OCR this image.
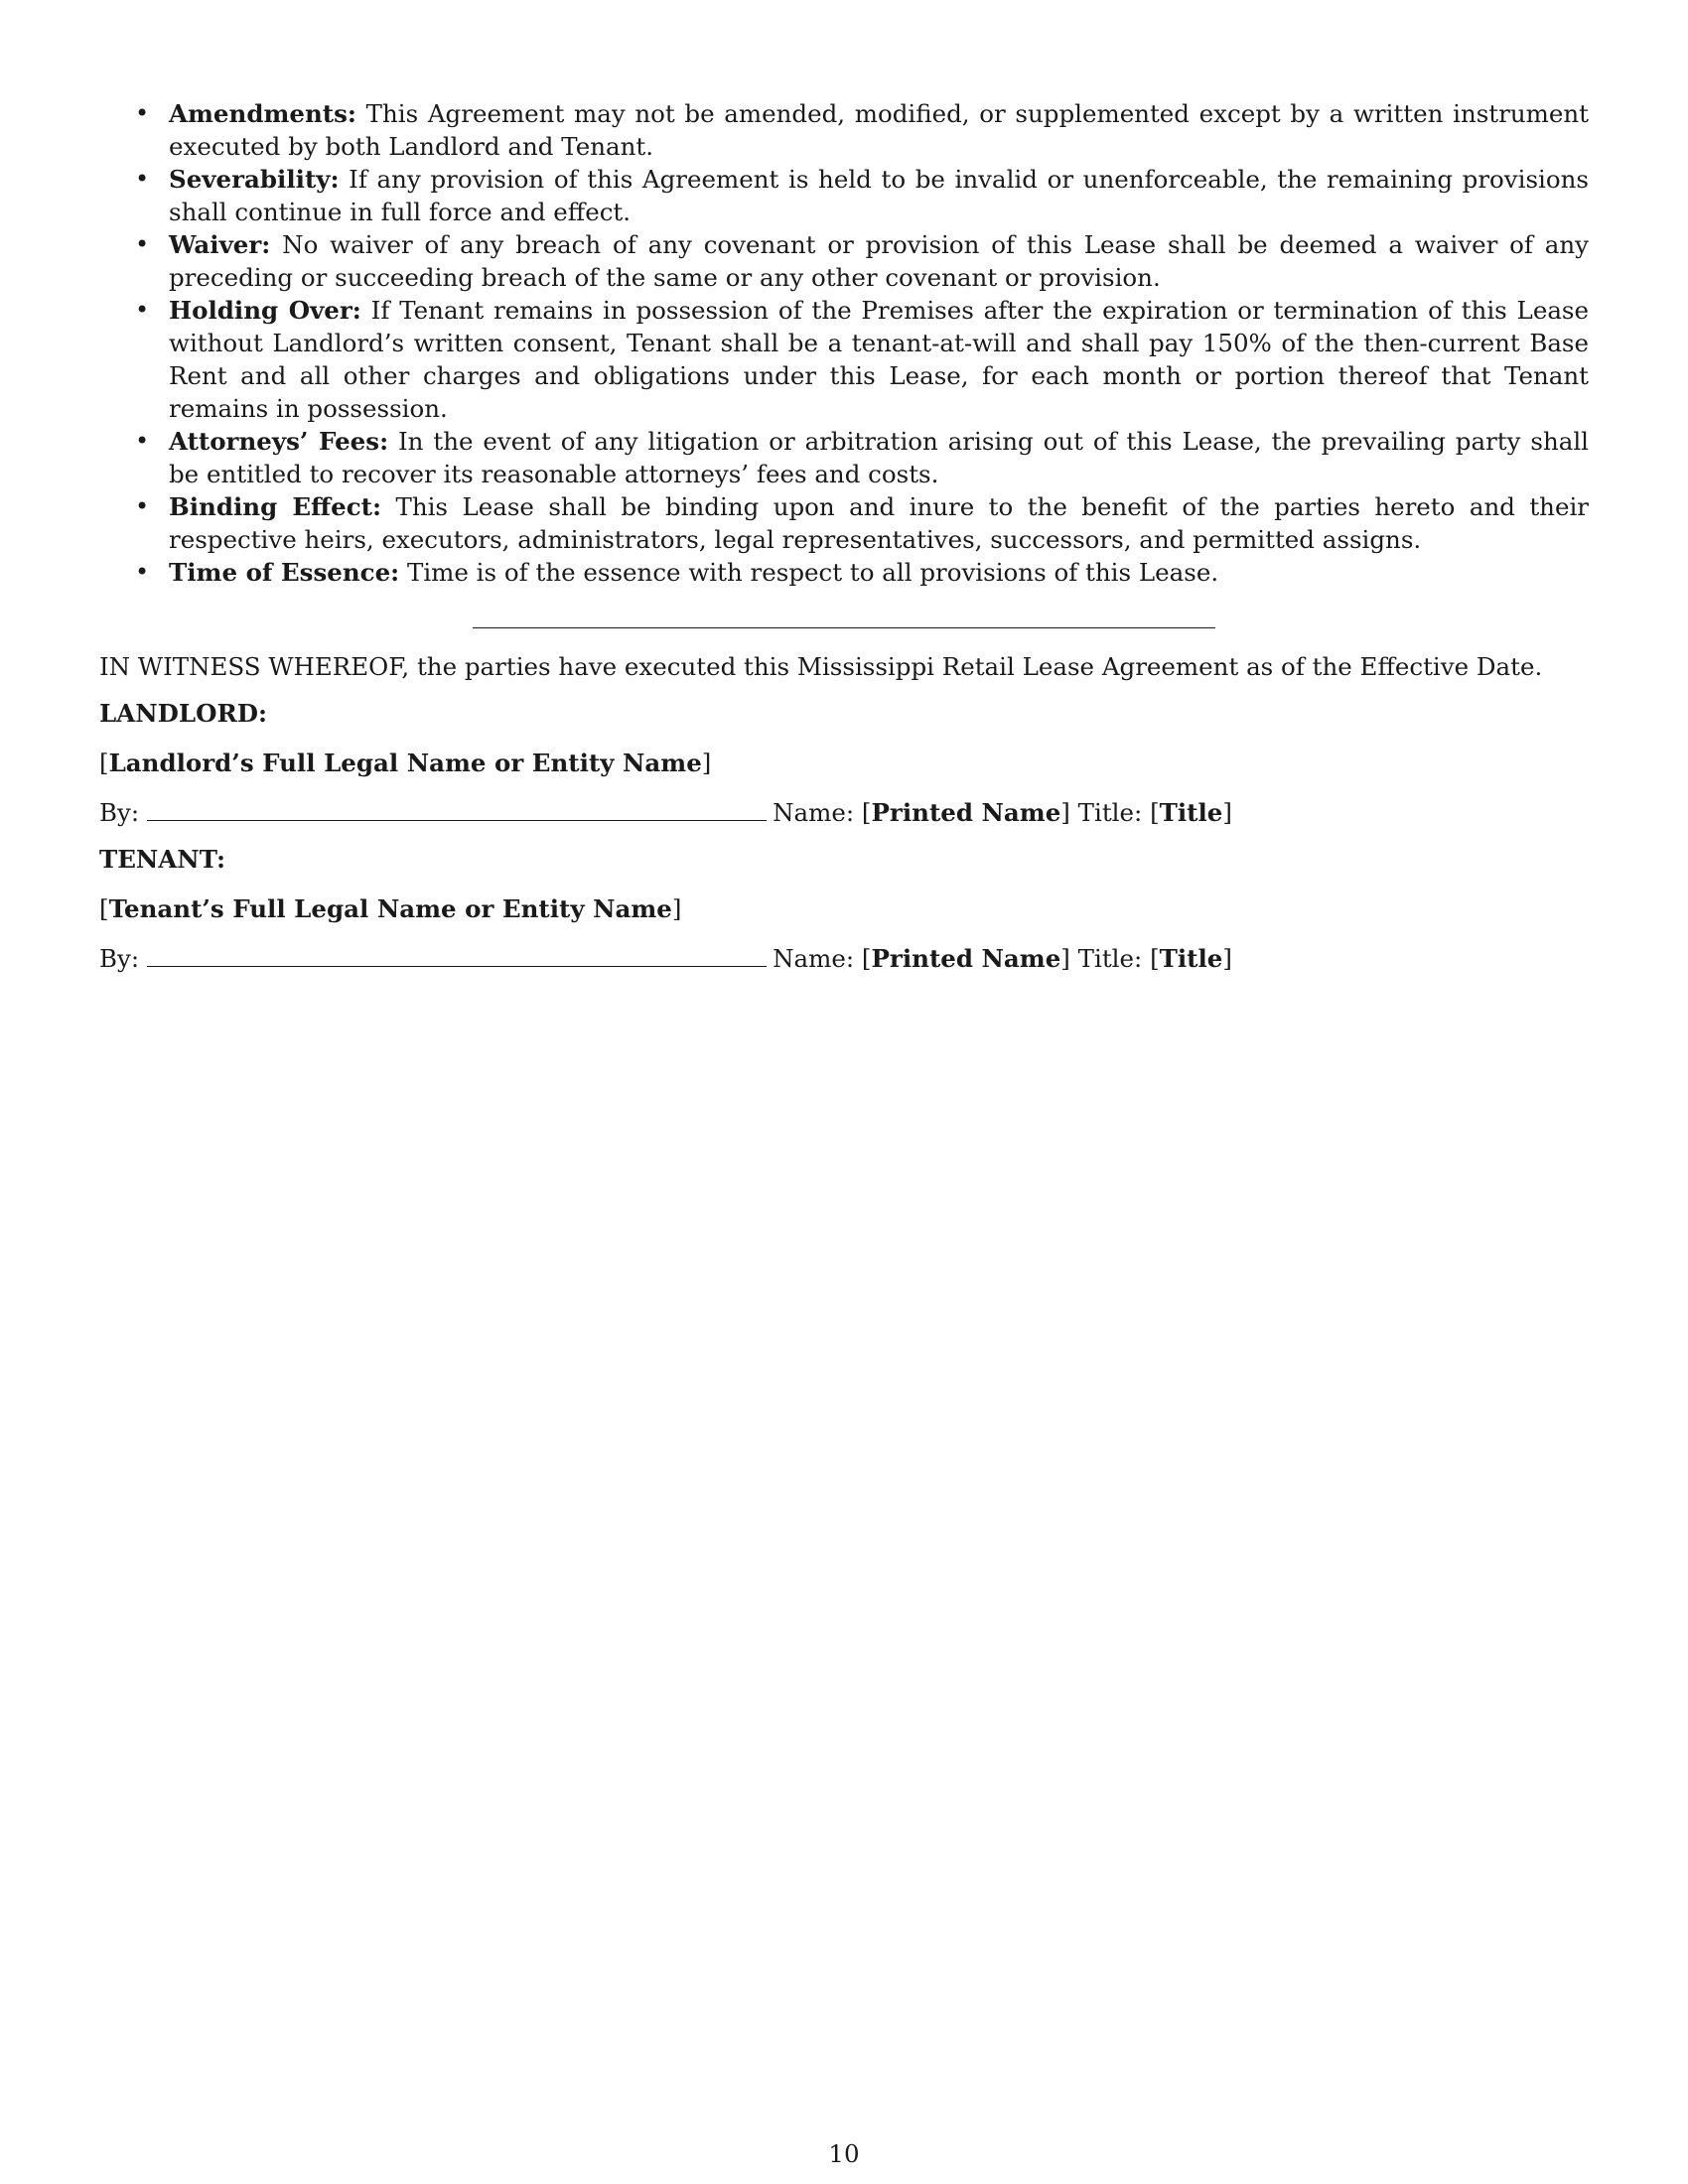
• Amendments: This Agreement may not be amended, modified, or supplemented except by a written instrument executed by both Landlord and Tenant.
• Severability: If any provision of this Agreement is held to be invalid or unenforceable, the remaining provisions shall continue in full force and effect.
• Waiver: No waiver of any breach of any covenant or provision of this Lease shall be deemed a waiver of any preceding or succeeding breach of the same or any other covenant or provision.
• Holding Over: If Tenant remains in possession of the Premises after the expiration or termination of this Lease without Landlord’s written consent, Tenant shall be a tenant-at-will and shall pay 150% of the then-current Base Rent and all other charges and obligations under this Lease, for each month or portion thereof that Tenant remains in possession.
• Attorneys’ Fees: In the event of any litigation or arbitration arising out of this Lease, the prevailing party shall be entitled to recover its reasonable attorneys’ fees and costs.
• Binding Effect: This Lease shall be binding upon and inure to the benefit of the parties hereto and their respective heirs, executors, administrators, legal representatives, successors, and permitted assigns.
• Time of Essence: Time is of the essence with respect to all provisions of this Lease.
IN WITNESS WHEREOF, the parties have executed this Mississippi Retail Lease Agreement as of the Effective Date.
LANDLORD:
[Landlord’s Full Legal Name or Entity Name]
By:	Name: [Printed Name] Title: [Title]
TENANT:
[Tenant’s Full Legal Name or Entity Name]
By:	Name: [Printed Name] Title: [Title]
10
